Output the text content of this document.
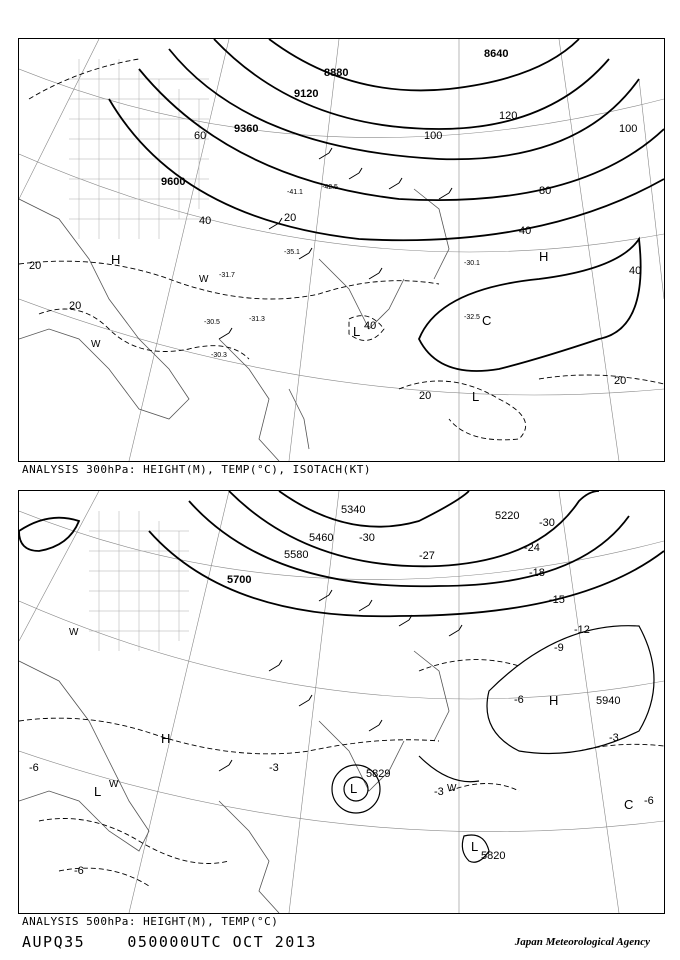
8640
8880
9120
9360
9600
20
20
20
20
20
40
40
40
40
60
80
100
100
120
-41.1
-42.5
-31.7
-30.5
-30.3
-30.1
-32.5
-35.1
-31.3
H	H
L
L
C
W
W
ANALYSIS 300hPa: HEIGHT(M), TEMP(°C), ISOTACH(KT)
5220
5340
5460
5580
5700
5820
5829
5940
-3
-3
-3
-6
-6
-6
-6
-9
-12
-15
-18
-24
-27
-30
-30
H
H
L	L
L
C
W
W	W
ANALYSIS 500hPa: HEIGHT(M), TEMP(°C)
AUPQ35	050000UTC OCT 2013	Japan Meteorological Agency
